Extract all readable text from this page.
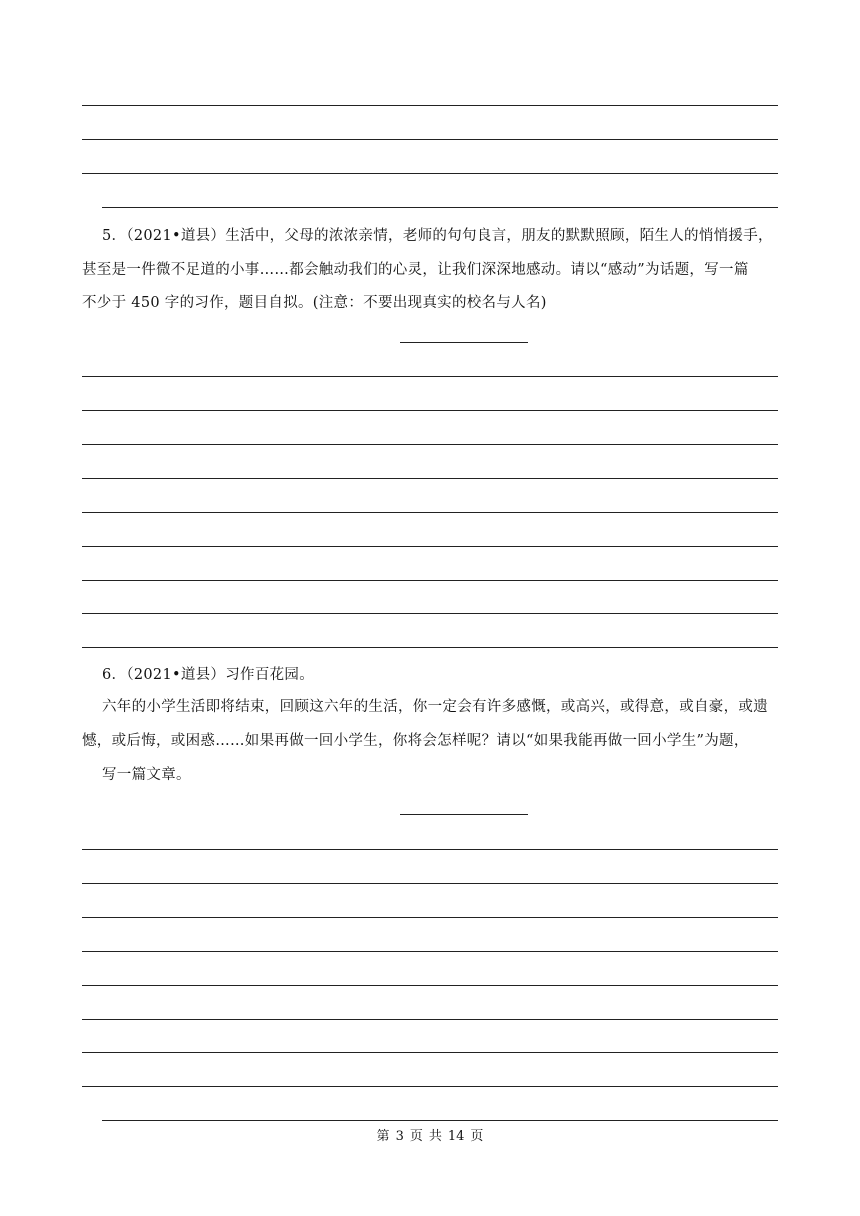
5．（2021•道县）生活中，父母的浓浓亲情，老师的句句良言，朋友的默默照顾，陌生人的悄悄援手，
甚至是一件微不足道的小事……都会触动我们的心灵，让我们深深地感动。请以“感动”为话题，写一篇
不少于 450 字的习作，题目自拟。(注意：不要出现真实的校名与人名)
6．（2021•道县）习作百花园。
六年的小学生活即将结束，回顾这六年的生活，你一定会有许多感慨，或高兴，或得意，或自豪，或遗
憾，或后悔，或困惑……如果再做一回小学生，你将会怎样呢？请以“如果我能再做一回小学生”为题，
写一篇文章。
第 3 页 共 14 页
